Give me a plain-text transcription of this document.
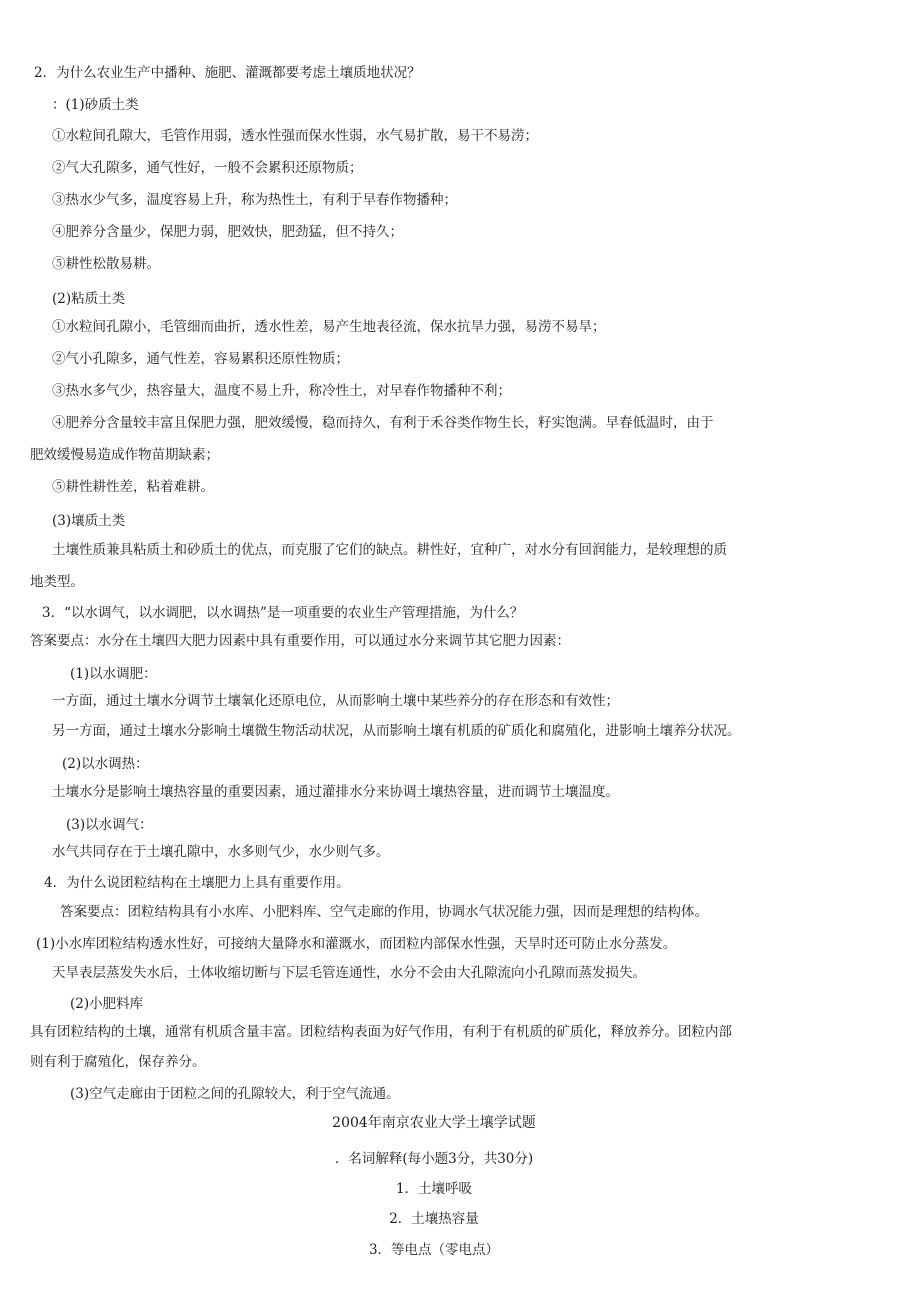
2．为什么农业生产中播种、施肥、灌溉都要考虑土壤质地状况？
：(1)砂质土类
①水粒间孔隙大，毛管作用弱，透水性强而保水性弱，水气易扩散，易干不易涝；
②气大孔隙多，通气性好，一般不会累积还原物质；
③热水少气多，温度容易上升，称为热性土，有利于早春作物播种；
④肥养分含量少，保肥力弱，肥效快，肥劲猛，但不持久；
⑤耕性松散易耕。
(2)粘质土类
①水粒间孔隙小，毛管细而曲折，透水性差，易产生地表径流，保水抗旱力强，易涝不易旱；
②气小孔隙多，通气性差，容易累积还原性物质；
③热水多气少，热容量大，温度不易上升，称冷性土，对早春作物播种不利；
④肥养分含量较丰富且保肥力强，肥效缓慢，稳而持久，有利于禾谷类作物生长，籽实饱满。早春低温时，由于
肥效缓慢易造成作物苗期缺素；
⑤耕性耕性差，粘着难耕。
(3)壤质土类
土壤性质兼具粘质土和砂质土的优点，而克服了它们的缺点。耕性好，宜种广，对水分有回润能力，是较理想的质
地类型。
3．“以水调气，以水调肥，以水调热”是一项重要的农业生产管理措施，为什么？
答案要点：水分在土壤四大肥力因素中具有重要作用，可以通过水分来调节其它肥力因素：
(1)以水调肥：
一方面，通过土壤水分调节土壤氧化还原电位，从而影响土壤中某些养分的存在形态和有效性；
另一方面，通过土壤水分影响土壤微生物活动状况，从而影响土壤有机质的矿质化和腐殖化，进影响土壤养分状况。
(2)以水调热：
土壤水分是影响土壤热容量的重要因素，通过灌排水分来协调土壤热容量，进而调节土壤温度。
(3)以水调气：
水气共同存在于土壤孔隙中，水多则气少，水少则气多。
4．为什么说团粒结构在土壤肥力上具有重要作用。
答案要点：团粒结构具有小水库、小肥料库、空气走廊的作用，协调水气状况能力强，因而是理想的结构体。
(1)小水库团粒结构透水性好，可接纳大量降水和灌溉水，而团粒内部保水性强，天旱时还可防止水分蒸发。
天旱表层蒸发失水后，土体收缩切断与下层毛管连通性，水分不会由大孔隙流向小孔隙而蒸发损失。
(2)小肥料库
具有团粒结构的土壤，通常有机质含量丰富。团粒结构表面为好气作用，有利于有机质的矿质化，释放养分。团粒内部
则有利于腐殖化，保存养分。
(3)空气走廊由于团粒之间的孔隙较大，利于空气流通。
2004年南京农业大学土壤学试题
．名词解释(每小题3分，共30分)
1．土壤呼吸
2．土壤热容量
3．等电点（零电点）
